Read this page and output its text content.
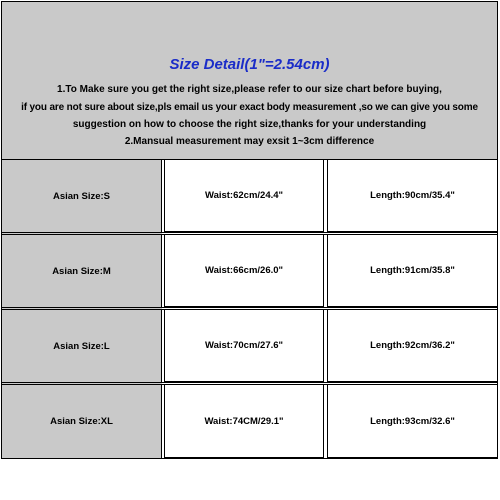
Size Detail(1"=2.54cm)
1.To Make sure you get the right size,please refer to our size chart before buying,
if you are not sure about size,pls email us your exact body measurement ,so we can give you some
suggestion on how to choose the right size,thanks for your understanding
2.Mansual measurement may exsit 1~3cm difference
Asian Size:S	Waist:62cm/24.4"	Length:90cm/35.4"
Asian Size:M	Waist:66cm/26.0"	Length:91cm/35.8"
Asian Size:L	Waist:70cm/27.6"	Length:92cm/36.2"
Asian Size:XL	Waist:74CM/29.1"	Length:93cm/32.6"
